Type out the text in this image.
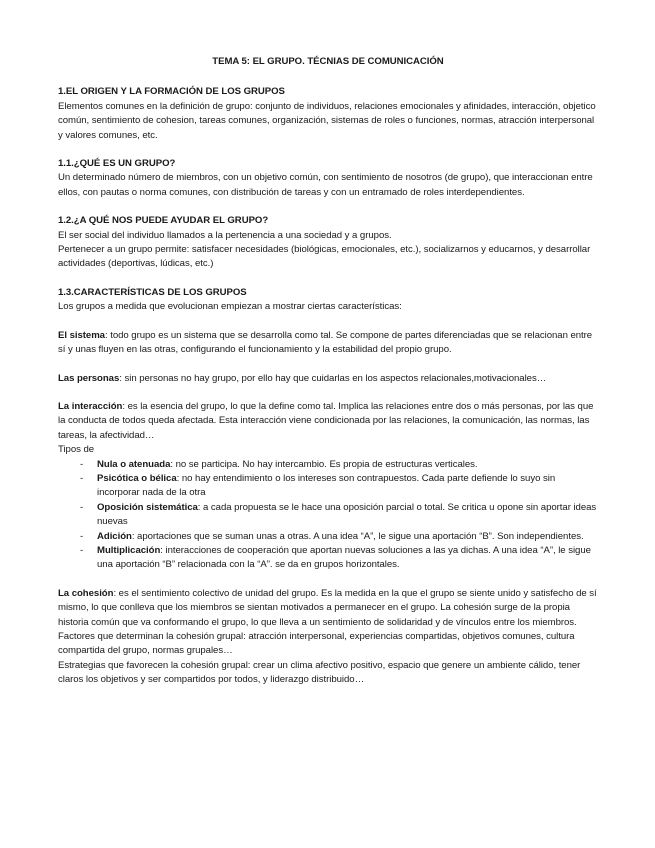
TEMA 5: EL GRUPO. TÉCNIAS DE COMUNICACIÓN

1.EL ORIGEN Y LA FORMACIÓN DE LOS GRUPOS

Elementos comunes en la definición de grupo: conjunto de individuos, relaciones emocionales y afinidades, interacción, objetico común, sentimiento de cohesion, tareas comunes, organización, sistemas de roles o funciones, normas, atracción interpersonal y valores comunes, etc.

1.1.¿QUÉ ES UN GRUPO?

Un determinado número de miembros, con un objetivo común, con sentimiento de nosotros (de grupo), que interaccionan entre ellos, con pautas o norma comunes, con distribución de tareas y con un entramado de roles interdependientes.

1.2.¿A QUÉ NOS PUEDE AYUDAR EL GRUPO?

El ser social del individuo llamados a la pertenencia a una sociedad y a grupos.

Pertenecer a un grupo permite: satisfacer necesidades (biológicas, emocionales, etc.), socializarnos y educarnos, y desarrollar actividades (deportivas, lúdicas, etc.)

1.3.CARACTERÍSTICAS DE LOS GRUPOS

Los grupos a medida que evolucionan empiezan a mostrar ciertas características:

El sistema: todo grupo es un sistema que se desarrolla como tal. Se compone de partes diferenciadas que se relacionan entre sí y unas fluyen en las otras, configurando el funcionamiento y la estabilidad del propio grupo.

Las personas: sin personas no hay grupo, por ello hay que cuidarlas en los aspectos relacionales,motivacionales…

La interacción: es la esencia del grupo, lo que la define como tal. Implica las relaciones entre dos o más personas, por las que la conducta de todos queda afectada. Esta interacción viene condicionada por las relaciones, la comunicación, las normas, las tareas, la afectividad…

Tipos de

- Nula o atenuada: no se participa. No hay intercambio. Es propia de estructuras verticales.
- Psicótica o bélica: no hay entendimiento o los intereses son contrapuestos. Cada parte defiende lo suyo sin incorporar nada de la otra
- Oposición sistemática: a cada propuesta se le hace una oposición parcial o total. Se critica u opone sin aportar ideas nuevas
- Adición: aportaciones que se suman unas a otras. A una idea “A”, le sigue una aportación “B”. Son independientes.
- Multiplicación: interacciones de cooperación que aportan nuevas soluciones a las ya dichas. A una idea “A”, le sigue una aportación “B” relacionada con la “A”. se da en grupos horizontales.

La cohesión: es el sentimiento colectivo de unidad del grupo. Es la medida en la que el grupo se siente unido y satisfecho de sí mismo, lo que conlleva que los miembros se sientan motivados a permanecer en el grupo. La cohesión surge de la propia historia común que va conformando el grupo, lo que lleva a un sentimiento de solidaridad y de vínculos entre los miembros.

Factores que determinan la cohesión grupal: atracción interpersonal, experiencias compartidas, objetivos comunes, cultura compartida del grupo, normas grupales…

Estrategias que favorecen la cohesión grupal: crear un clima afectivo positivo, espacio que genere un ambiente cálido, tener claros los objetivos y ser compartidos por todos, y liderazgo distribuido…
